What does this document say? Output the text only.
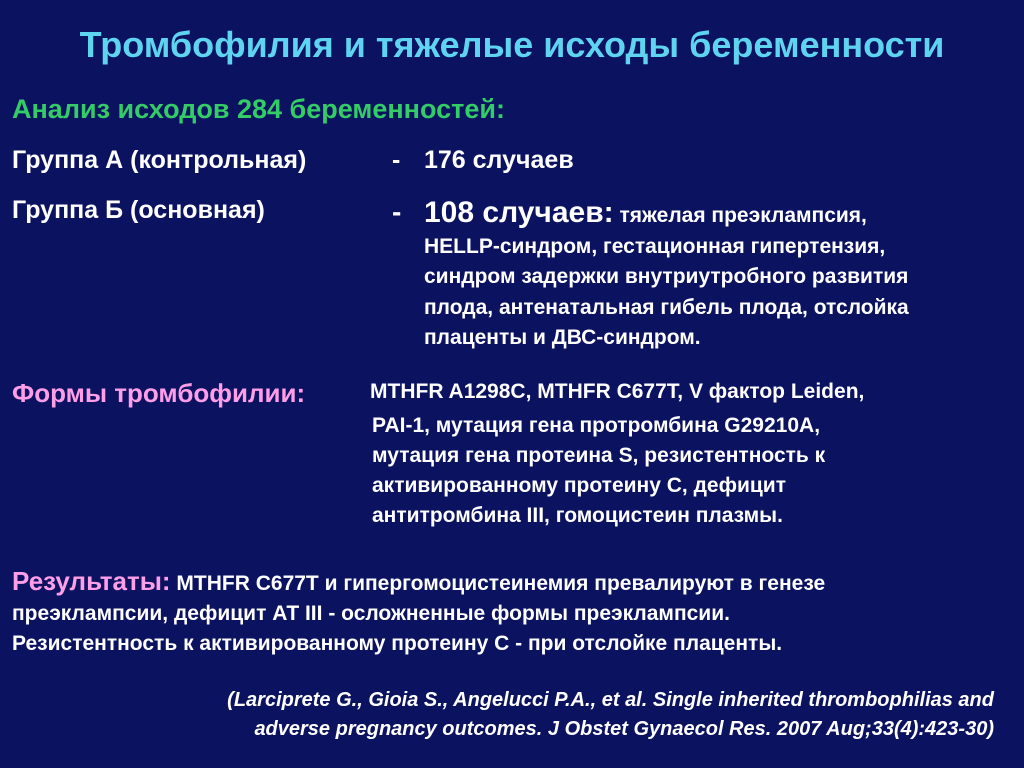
Тромбофилия и тяжелые исходы беременности
Анализ исходов 284 беременностей:
Группа А (контрольная)	- 176 случаев
Группа Б (основная)	- 108 случаев: тяжелая преэклампсия,
HELLP-синдром, гестационная гипертензия,
синдром задержки внутриутробного развития
плода, антенатальная гибель плода, отслойка
плаценты и ДВС-синдром.
Формы тромбофилии:	MTHFR A1298C, MTHFR C677T, V фактор Leiden,
PAI-1, мутация гена протромбина G29210A,
мутация гена протеина S, резистентность к
активированному протеину С, дефицит
антитромбина III, гомоцистеин плазмы.
Результаты: MTHFR C677T и гипергомоцистеинемия превалируют в генезе
преэклампсии, дефицит АТ III - осложненные формы преэклампсии.
Резистентность к активированному протеину С - при отслойке плаценты.
(Larciprete G., Gioia S., Angelucci P.A., et al. Single inherited thrombophilias and
adverse pregnancy outcomes. J Obstet Gynaecol Res. 2007 Aug;33(4):423-30)
